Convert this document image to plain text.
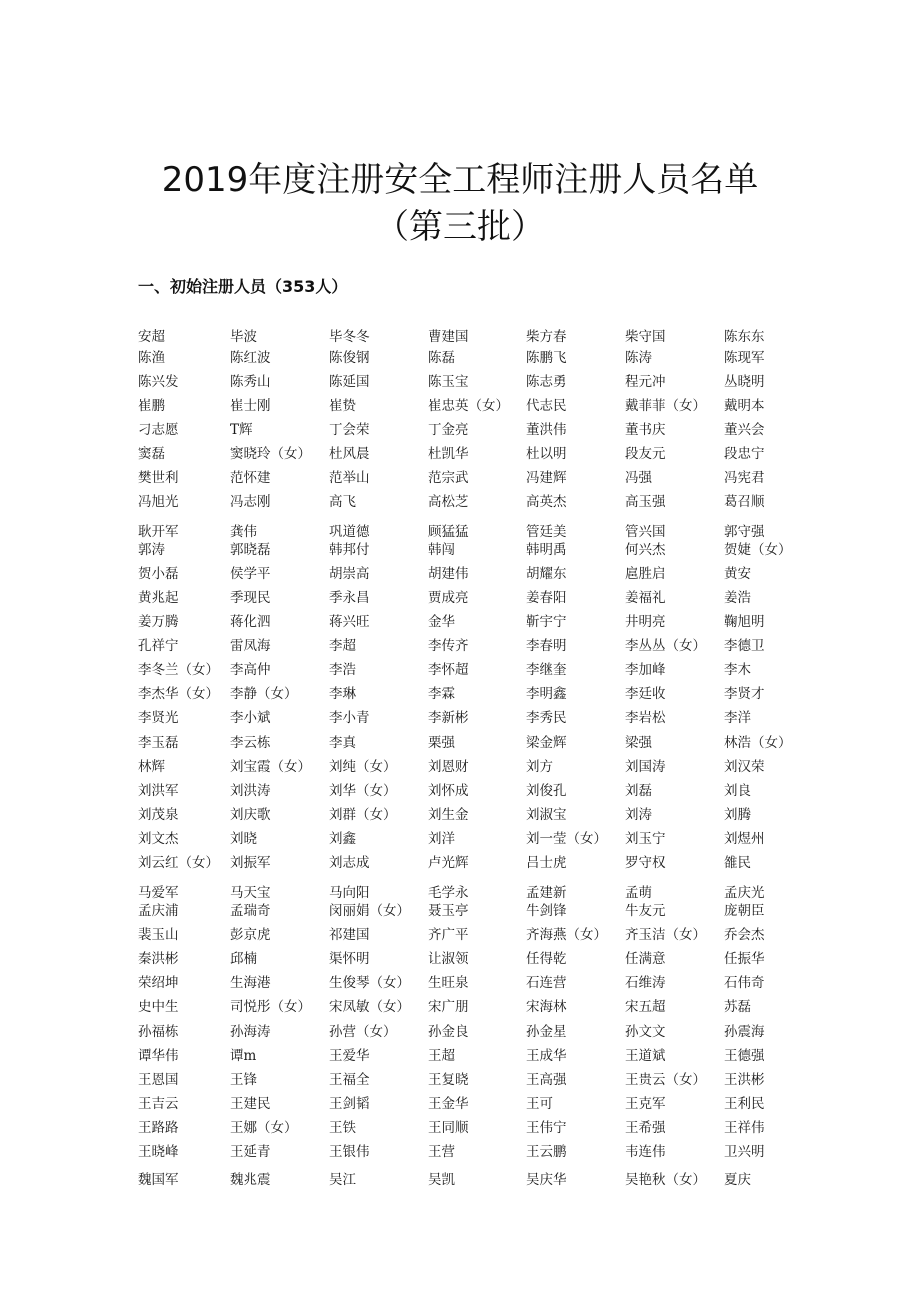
2019年度注册安全工程师注册人员名单
（第三批）
一、初始注册人员（353人）
安超	毕波	毕冬冬	曹建国	柴方春	柴守国	陈东东
陈渔	陈红波	陈俊钢	陈磊	陈鹏飞	陈涛	陈现军
陈兴发	陈秀山	陈延国	陈玉宝	陈志勇	程元冲	丛晓明
崔鹏	崔士刚	崔贽	崔忠英（女） 代志民	戴菲菲（女） 戴明本
刁志愿	T辉	丁会荣	丁金亮	董洪伟	董书庆	董兴会
窦磊	窦晓玲（女） 杜风晨	杜凯华	杜以明	段友元	段忠宁
樊世利	范怀建	范举山	范宗武	冯建辉	冯强	冯宪君
冯旭光	冯志刚	高飞	高松芝	高英杰	高玉强	葛召顺
耿开军	龚伟	巩道德	顾猛猛	管廷美	管兴国	郭守强
郭涛	郭晓磊	韩邦付	韩闯	韩明禹	何兴杰	贺婕（女）
贺小磊	侯学平	胡崇高	胡建伟	胡耀东	扈胜启	黄安
黄兆起	季现民	季永昌	贾成亮	姜春阳	姜福礼	姜浩
姜万腾	蒋化泗	蒋兴旺	金华	靳宇宁	井明亮	鞠旭明
孔祥宁	雷凤海	李超	李传齐	李春明	李丛丛（女） 李德卫
李冬兰（女） 李高仲	李浩	李怀超	李继奎	李加峰	李木
李杰华（女） 李静（女） 李琳	李霖	李明鑫	李廷收	李贤才
李贤光	李小斌	李小青	李新彬	李秀民	李岩松	李洋
李玉磊	李云栋	李真	栗强	梁金辉	梁强	林浩（女）
林辉	刘宝霞（女） 刘纯（女） 刘恩财	刘方	刘国涛	刘汉荣
刘洪军	刘洪涛	刘华（女） 刘怀成	刘俊孔	刘磊	刘良
刘茂泉	刘庆歌	刘群（女） 刘生金	刘淑宝	刘涛	刘腾
刘文杰	刘晓	刘鑫	刘洋	刘一莹（女） 刘玉宁	刘煜州
刘云红（女） 刘振军	刘志成	卢光辉	吕士虎	罗守权	雒民
马爱军	马天宝	马向阳	毛学永	孟建新	孟萌	孟庆光
孟庆浦	孟瑞奇	闵丽娟（女） 聂玉亭	牛剑锋	牛友元	庞朝臣
裴玉山	彭京虎	祁建国	齐广平	齐海燕（女） 齐玉洁（女） 乔会杰
秦洪彬	邱楠	渠怀明	让淑领	任得乾	任满意	任振华
荣绍坤	生海港	生俊琴（女） 生旺泉	石连营	石维涛	石伟奇
史中生	司悦彤（女） 宋凤敏（女） 宋广朋	宋海林	宋五超	苏磊
孙福栋	孙海涛	孙营（女） 孙金良	孙金星	孙文文	孙震海
谭华伟	谭m	王爱华	王超	王成华	王道斌	王德强
王恩国	王锋	王福全	王复晓	王高强	王贵云（女） 王洪彬
王吉云	王建民	王剑韬	王金华	王可	王克军	王利民
王路路	王娜（女） 王铁	王同顺	王伟宁	王希强	王祥伟
王晓峰	王延青	王银伟	王营	王云鹏	韦连伟	卫兴明
魏国军	魏兆震	吴江	吴凯	吴庆华	吴艳秋（女） 夏庆
